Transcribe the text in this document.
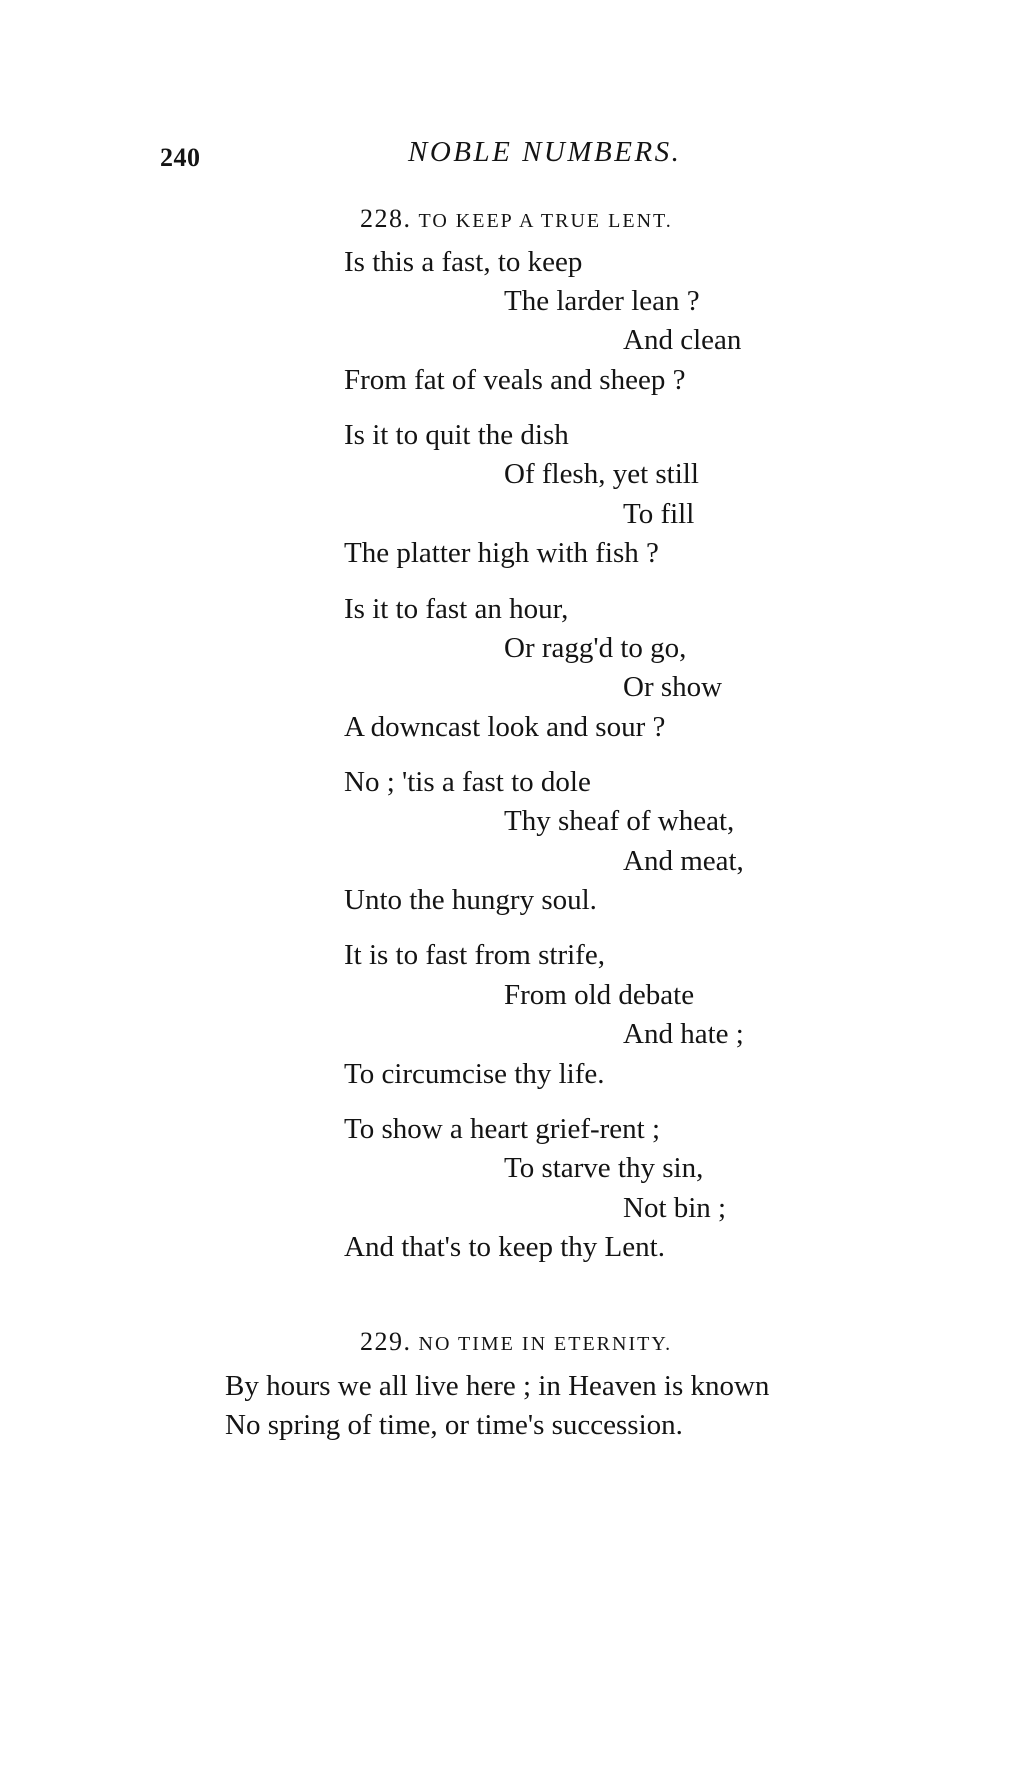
240	NOBLE NUMBERS.
228. TO KEEP A TRUE LENT.
Is this a fast, to keep
The larder lean ?
And clean
From fat of veals and sheep ?
Is it to quit the dish
Of flesh, yet still
To fill
The platter high with fish ?
Is it to fast an hour,
Or ragg'd to go,
Or show
A downcast look and sour ?
No ; 'tis a fast to dole
Thy sheaf of wheat,
And meat,
Unto the hungry soul.
It is to fast from strife,
From old debate
And hate ;
To circumcise thy life.
To show a heart grief-rent ;
To starve thy sin,
Not bin ;
And that's to keep thy Lent.
229. NO TIME IN ETERNITY.
By hours we all live here ; in Heaven is known
No spring of time, or time's succession.
